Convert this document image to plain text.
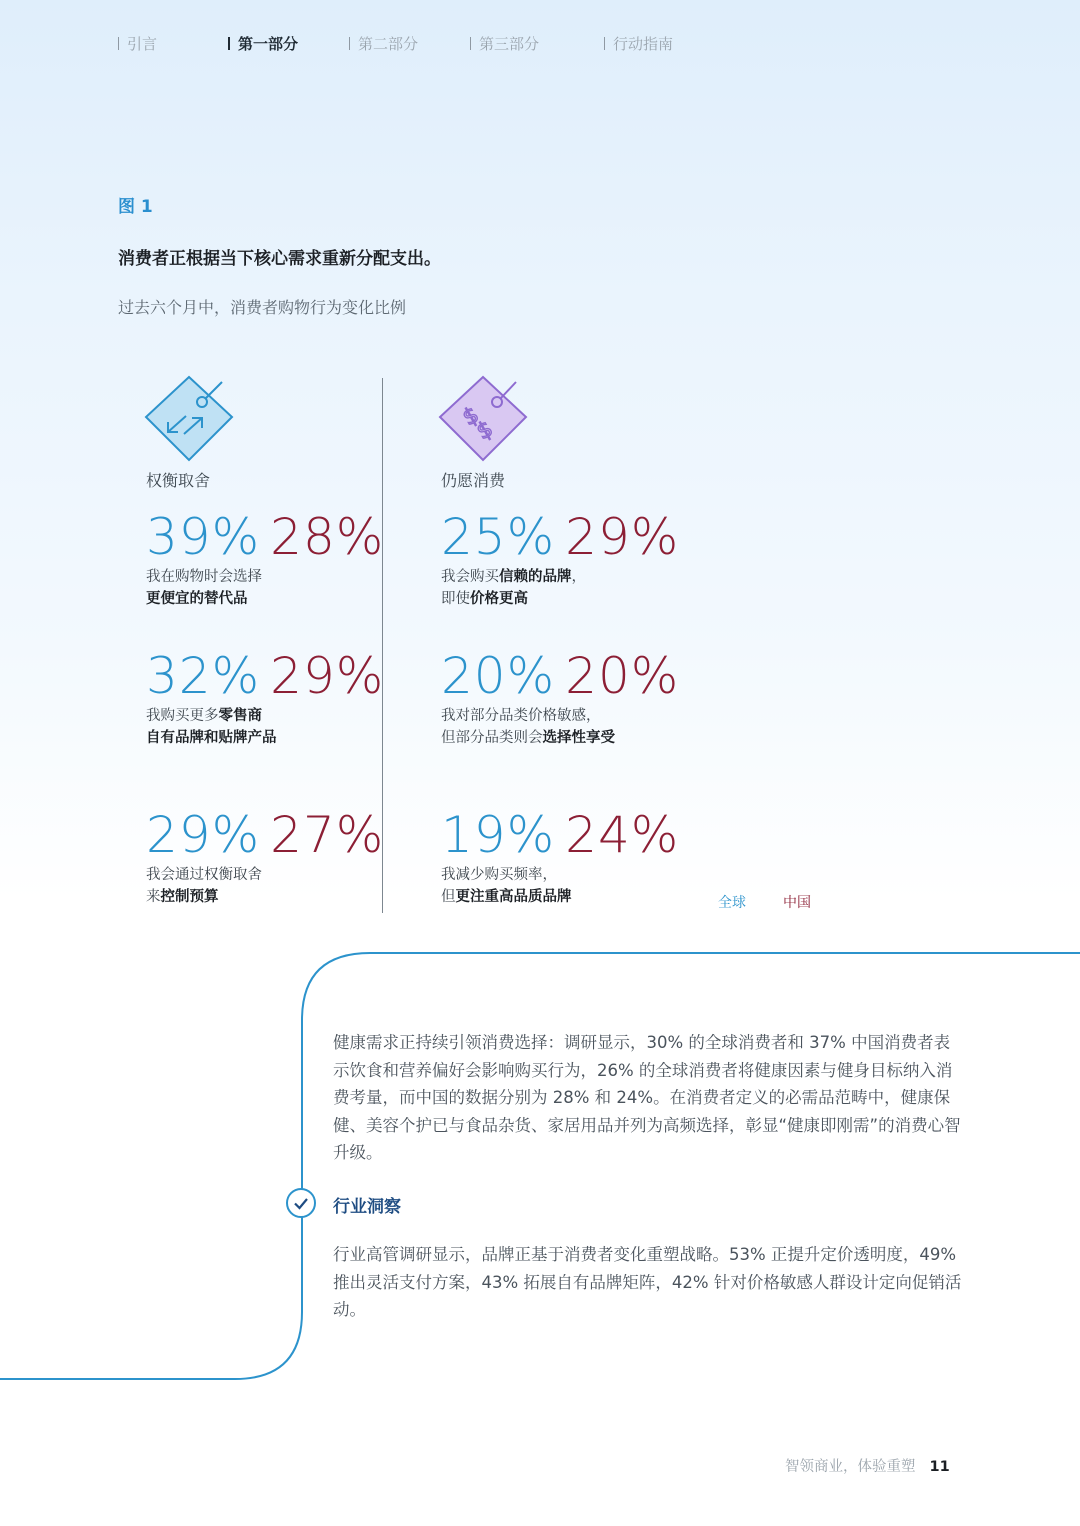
引言	第一部分	第二部分	第三部分	行动指南
图 1
消费者正根据当下核心需求重新分配支出。
过去六个月中，消费者购物行为变化比例
权衡取舍
$
$
仍愿消费
39% 28%
我在购物时会选择
更便宜的替代品
32% 29%
我购买更多零售商
自有品牌和贴牌产品
29% 27%
我会通过权衡取舍
来控制预算
25% 29%
我会购买信赖的品牌，
即使价格更高
20% 20%
我对部分品类价格敏感，
但部分品类则会选择性享受
19% 24%
我减少购买频率，
但更注重高品质品牌	全球	中国
健康需求正持续引领消费选择：调研显示，30% 的全球消费者和 37% 中国消费者表示饮食和营养偏好会影响购买行为，26% 的全球消费者将健康因素与健身目标纳入消费考量，而中国的数据分别为 28% 和 24%。在消费者定义的必需品范畴中，健康保健、美容个护已与食品杂货、家居用品并列为高频选择，彰显“健康即刚需”的消费心智升级。
行业洞察
行业高管调研显示，品牌正基于消费者变化重塑战略。53% 正提升定价透明度，49% 推出灵活支付方案，43% 拓展自有品牌矩阵，42% 针对价格敏感人群设计定向促销活动。
智领商业，体验重塑 11
